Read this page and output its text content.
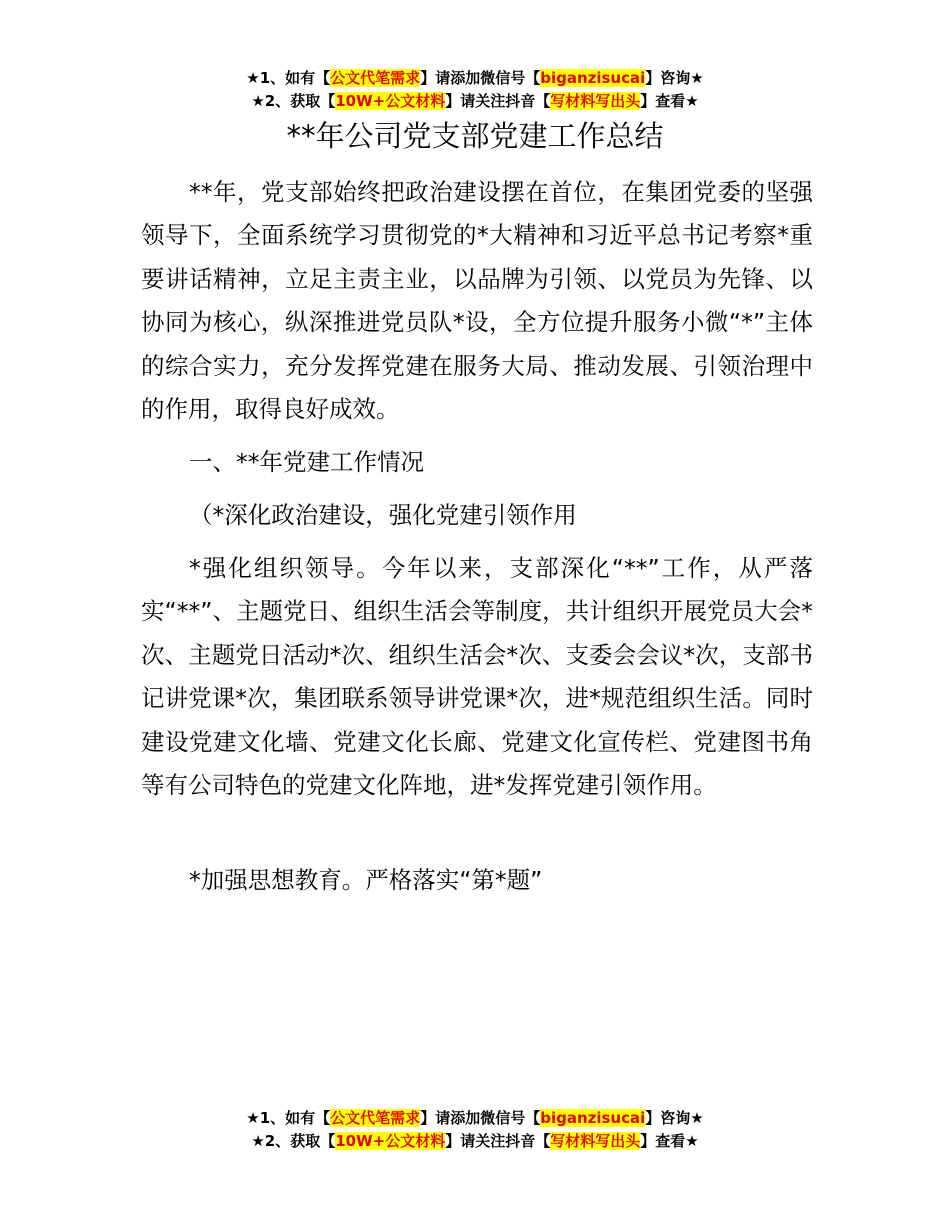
★1、如有【公文代笔需求】请添加微信号【biganzisucai】咨询★
★2、获取【10W+公文材料】请关注抖音【写材料写出头】查看★
**年公司党支部党建工作总结

**年，党支部始终把政治建设摆在首位，在集团党委的坚强领导下，全面系统学习贯彻党的*大精神和习近平总书记考察*重要讲话精神，立足主责主业，以品牌为引领、以党员为先锋、以协同为核心，纵深推进党员队*设，全方位提升服务小微“*”主体的综合实力，充分发挥党建在服务大局、推动发展、引领治理中的作用，取得良好成效。

一、**年党建工作情况

（*深化政治建设，强化党建引领作用

*强化组织领导。今年以来，支部深化“**”工作，从严落实“**”、主题党日、组织生活会等制度，共计组织开展党员大会*次、主题党日活动*次、组织生活会*次、支委会会议*次，支部书记讲党课*次，集团联系领导讲党课*次，进*规范组织生活。同时建设党建文化墙、党建文化长廊、党建文化宣传栏、党建图书角等有公司特色的党建文化阵地，进*发挥党建引领作用。

*加强思想教育。严格落实“第*题”

★1、如有【公文代笔需求】请添加微信号【biganzisucai】咨询★
★2、获取【10W+公文材料】请关注抖音【写材料写出头】查看★
